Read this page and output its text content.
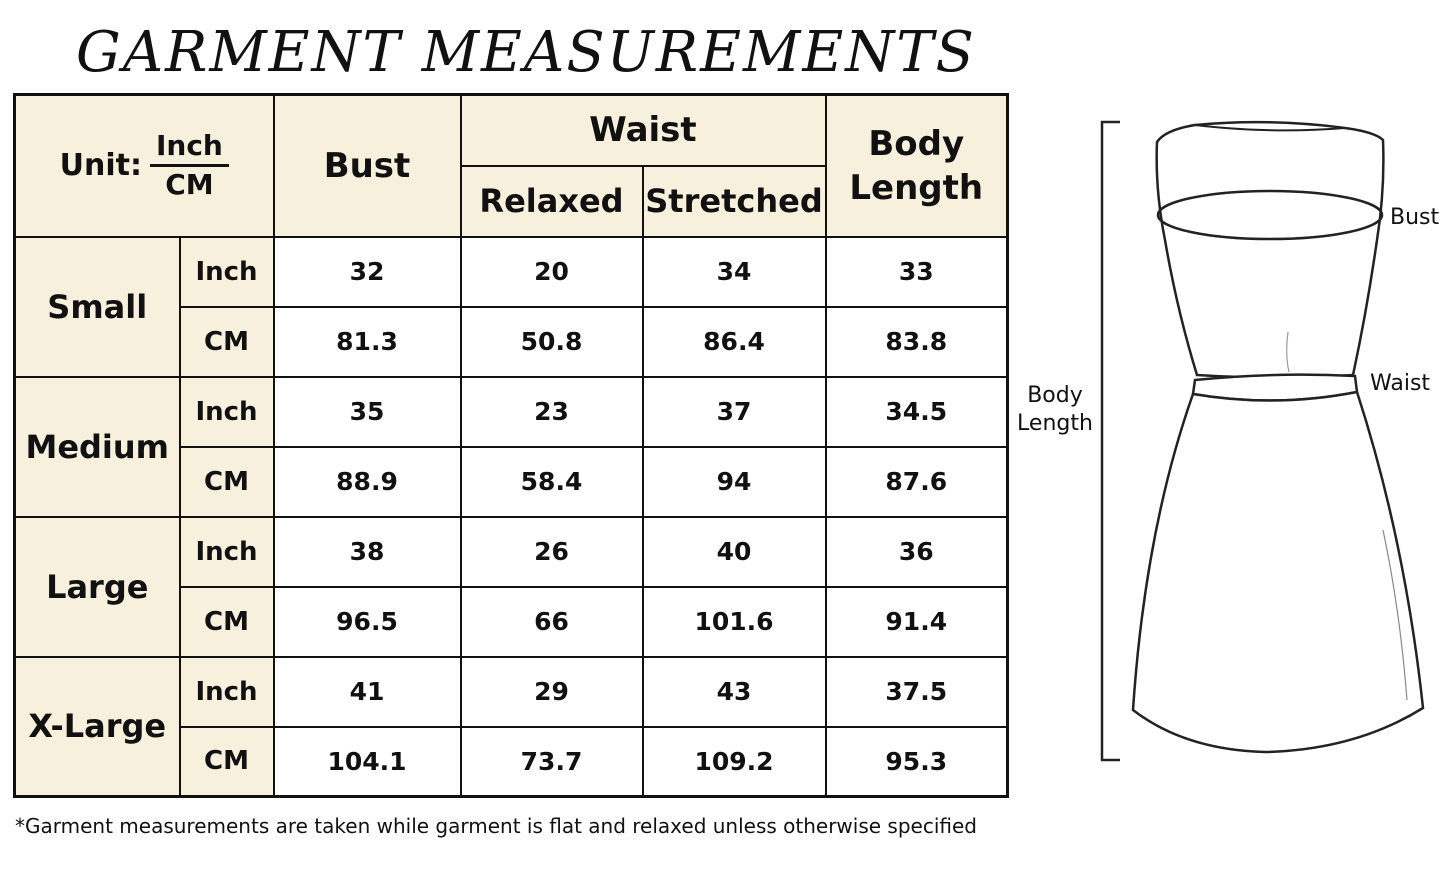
GARMENT MEASUREMENTS
Unit: $\frac{\text{Inch}}{CM}$		Bust	Waist		Body
Length
			Relaxed	Stretched	
Small	Inch	32	20	34	33
	CM	81.3	50.8	86.4	83.8
Medium	Inch	35	23	37	34.5
	CM	88.9	58.4	94	87.6
Large	Inch	38	26	40	36
	CM	96.5	66	101.6	91.4
X-Large	Inch	41	29	43	37.5
	CM	104.1	73.7	109.2	95.3
*Garment measurements are taken while garment is flat and relaxed unless otherwise specified
Bust
Waist
Body
Length
